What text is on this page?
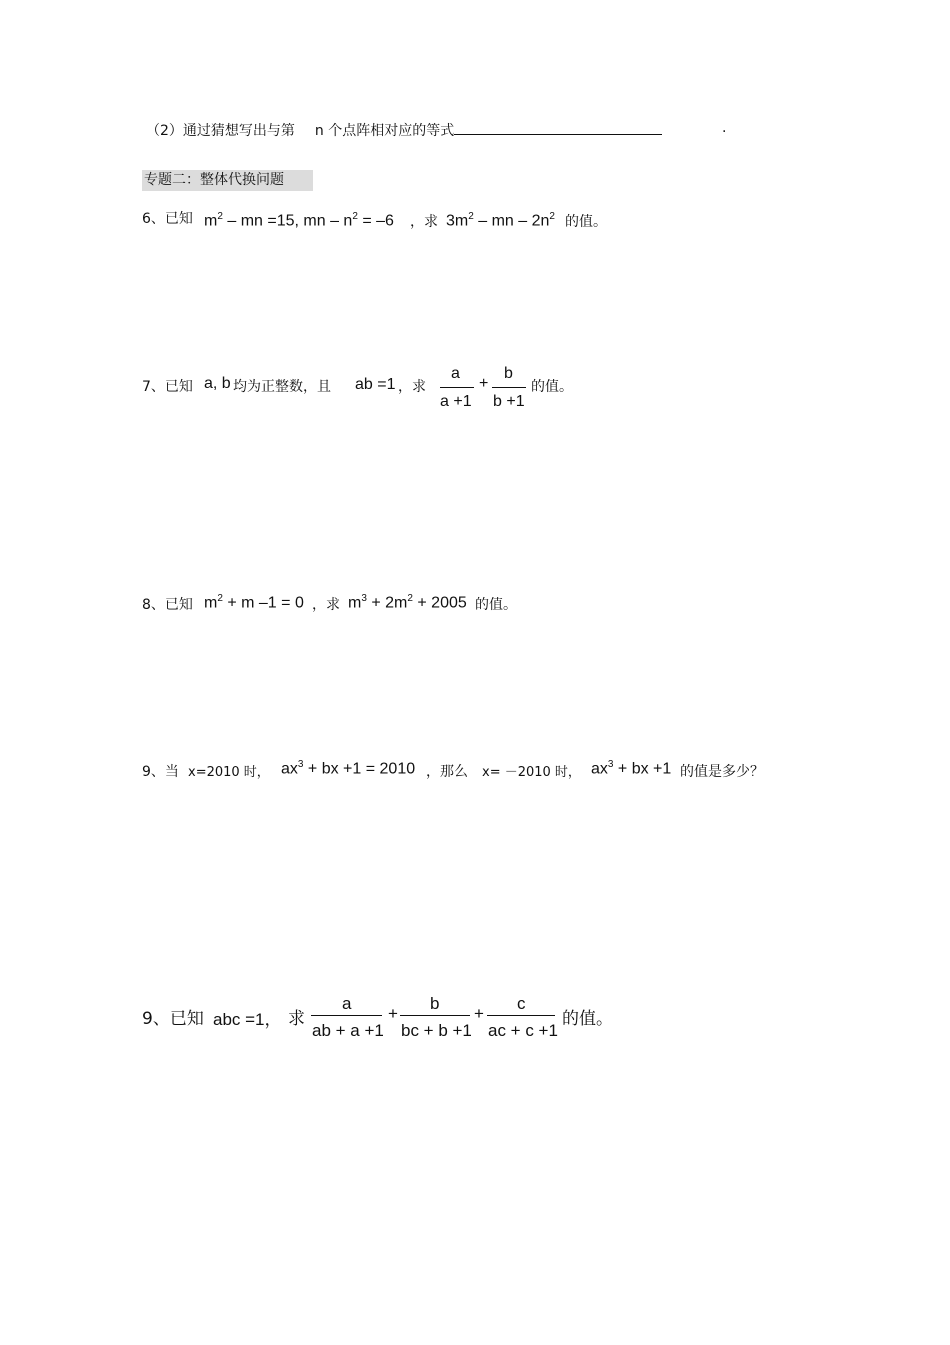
（2）通过猜想写出与第 n 个点阵相对应的等式	.
专题二：整体代换问题
6、已知 $m^2$ – mn =15, mn – $n^2 = -6$ ，求 $3m^2$ – mn – $2n^2$ 的值。
7、已知 a, b 均为正整数，且 ab =1 ，求
a
a +1
+
b
b +1
的值。
8、已知 $m^2 + m$ –1 = 0 ，求 $m^3 + 2m^2 + 2005$ 的值。
9、当 x=2010 时， $ax^3$ + bx +1 = 2010 ，那么 x= －2010 时， $ax^3$ + bx +1 的值是多少？
9、已知 abc =1， 求
a
ab + a +1
+
b
bc + b +1
+
c
ac + c +1
的值。
